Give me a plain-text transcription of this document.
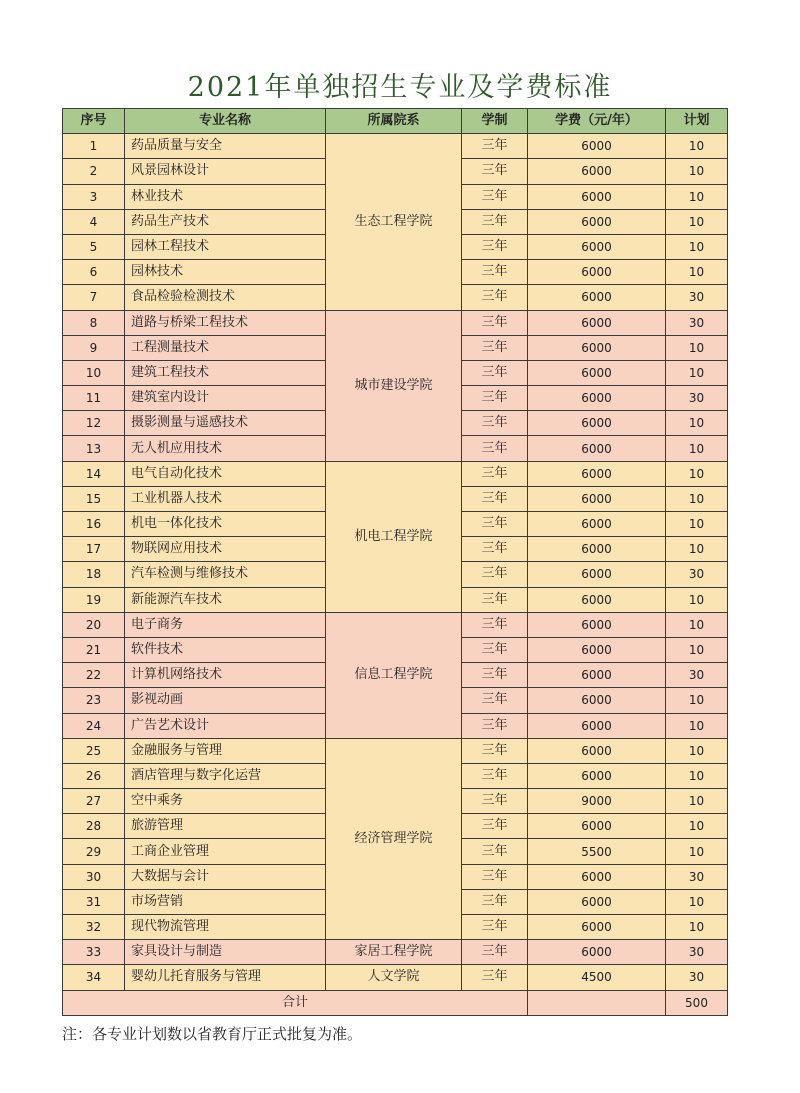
2021年单独招生专业及学费标准
序号	专业名称	所属院系	学制	学费（元/年）	计划
1	药品质量与安全	生态工程学院	三年	6000	10
2	风景园林设计		三年	6000	10
3	林业技术		三年	6000	10
4	药品生产技术		三年	6000	10
5	园林工程技术		三年	6000	10
6	园林技术		三年	6000	10
7	食品检验检测技术		三年	6000	30
8	道路与桥梁工程技术	城市建设学院	三年	6000	30
9	工程测量技术		三年	6000	10
10	建筑工程技术		三年	6000	10
11	建筑室内设计		三年	6000	30
12	摄影测量与遥感技术		三年	6000	10
13	无人机应用技术		三年	6000	10
14	电气自动化技术	机电工程学院	三年	6000	10
15	工业机器人技术		三年	6000	10
16	机电一体化技术		三年	6000	10
17	物联网应用技术		三年	6000	10
18	汽车检测与维修技术		三年	6000	30
19	新能源汽车技术		三年	6000	10
20	电子商务	信息工程学院	三年	6000	10
21	软件技术		三年	6000	10
22	计算机网络技术		三年	6000	30
23	影视动画		三年	6000	10
24	广告艺术设计		三年	6000	10
25	金融服务与管理	经济管理学院	三年	6000	10
26	酒店管理与数字化运营		三年	6000	10
27	空中乘务		三年	9000	10
28	旅游管理		三年	6000	10
29	工商企业管理		三年	5500	10
30	大数据与会计		三年	6000	30
31	市场营销		三年	6000	10
32	现代物流管理		三年	6000	10
33	家具设计与制造	家居工程学院	三年	6000	30
34	婴幼儿托育服务与管理	人文学院	三年	4500	30
合计					500
注：各专业计划数以省教育厅正式批复为准。
